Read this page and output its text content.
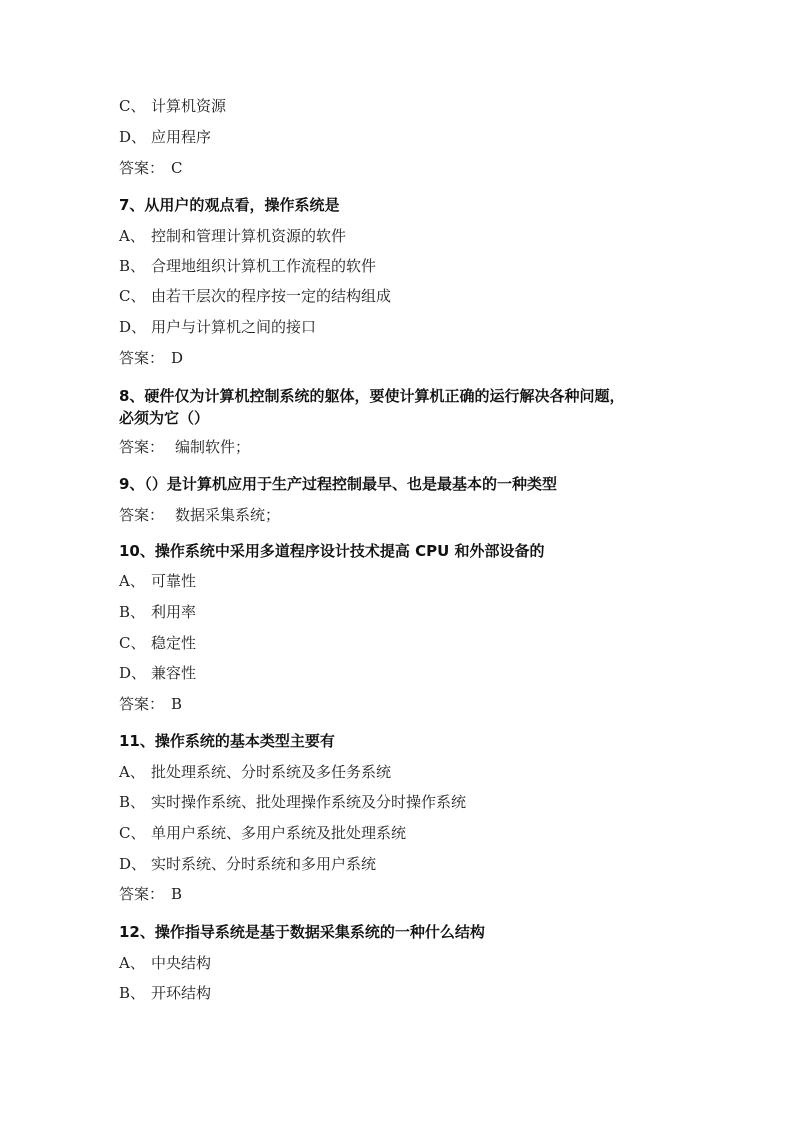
C、 计算机资源
D、 应用程序
答案： C
7、从用户的观点看，操作系统是
A、 控制和管理计算机资源的软件
B、 合理地组织计算机工作流程的软件
C、 由若干层次的程序按一定的结构组成
D、 用户与计算机之间的接口
答案： D
8、硬件仅为计算机控制系统的躯体，要使计算机正确的运行解决各种问题，
必须为它（）
答案： 编制软件；
9、（）是计算机应用于生产过程控制最早、也是最基本的一种类型
答案： 数据采集系统；
10、操作系统中采用多道程序设计技术提高 CPU 和外部设备的
A、 可靠性
B、 利用率
C、 稳定性
D、 兼容性
答案： B
11、操作系统的基本类型主要有
A、 批处理系统、分时系统及多任务系统
B、 实时操作系统、批处理操作系统及分时操作系统
C、 单用户系统、多用户系统及批处理系统
D、 实时系统、分时系统和多用户系统
答案： B
12、操作指导系统是基于数据采集系统的一种什么结构
A、 中央结构
B、 开环结构
